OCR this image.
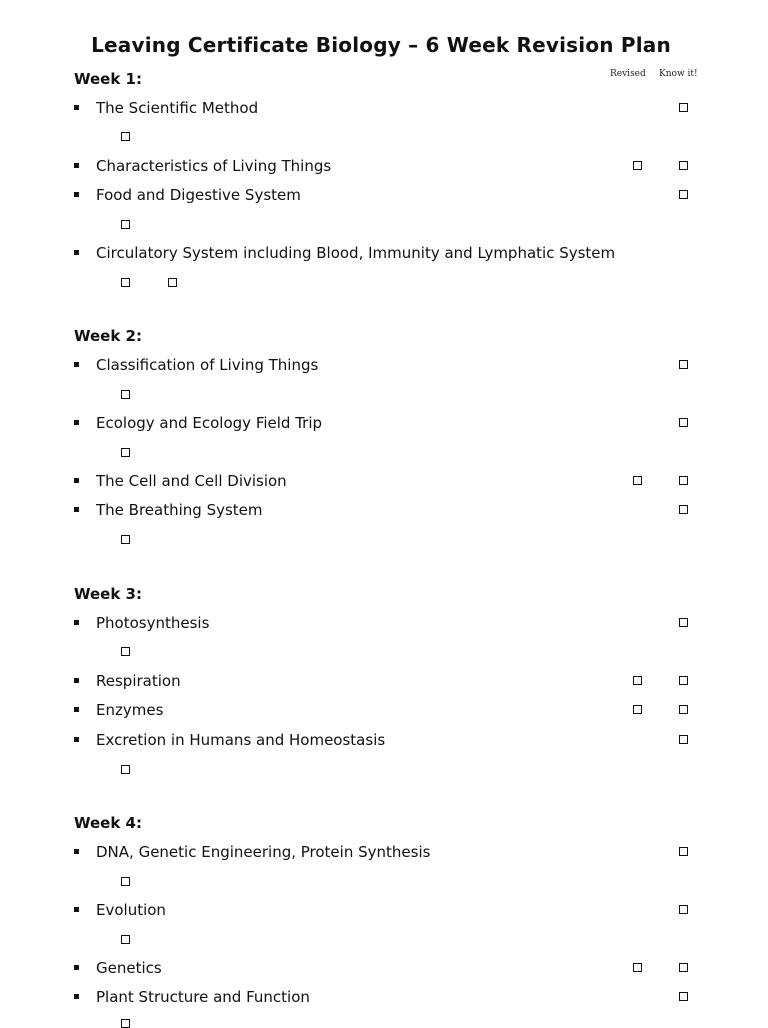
Leaving Certificate Biology – 6 Week Revision Plan
Revised Know it!
Week 1:
The Scientific Method
Characteristics of Living Things
Food and Digestive System
Circulatory System including Blood, Immunity and Lymphatic System
Week 2:
Classification of Living Things
Ecology and Ecology Field Trip
The Cell and Cell Division
The Breathing System
Week 3:
Photosynthesis
Respiration
Enzymes
Excretion in Humans and Homeostasis
Week 4:
DNA, Genetic Engineering, Protein Synthesis
Evolution
Genetics
Plant Structure and Function
